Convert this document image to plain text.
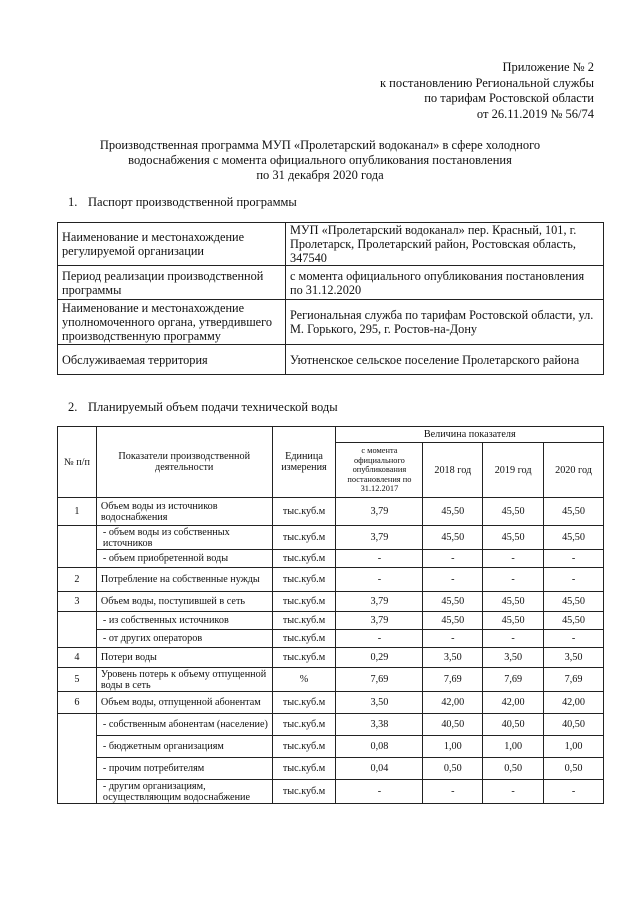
Приложение № 2
к постановлению Региональной службы
по тарифам Ростовской области
от 26.11.2019 № 56/74
Производственная программа МУП «Пролетарский водоканал» в сфере холодного
водоснабжения с момента официального опубликования постановления
по 31 декабря 2020 года
1. Паспорт производственной программы
Наименование и местонахождение регулируемой организации	МУП «Пролетарский водоканал» пер. Красный, 101, г. Пролетарск, Пролетарский район, Ростовская область, 347540
Период реализации производственной программы	с момента официального опубликования постановления по 31.12.2020
Наименование и местонахождение уполномоченного органа, утвердившего производственную программу	Региональная служба по тарифам Ростовской области, ул. М. Горького, 295, г. Ростов-на-Дону
Обслуживаемая территория	Уютненское сельское поселение Пролетарского района
2. Планируемый объем подачи технической воды
№ п/п	Показатели производственной деятельности	Единица измерения	Величина показателя			
			с момента официального опубликования постановления по 31.12.2017	2018 год	2019 год	2020 год
1	Объем воды из источников водоснабжения	тыс.куб.м	3,79	45,50	45,50	45,50
	- объем воды из собственных источников	тыс.куб.м	3,79	45,50	45,50	45,50
	- объем приобретенной воды	тыс.куб.м	-	-	-	-
2	Потребление на собственные нужды	тыс.куб.м	-	-	-	-
3	Объем воды, поступившей в сеть	тыс.куб.м	3,79	45,50	45,50	45,50
	- из собственных источников	тыс.куб.м	3,79	45,50	45,50	45,50
	- от других операторов	тыс.куб.м	-	-	-	-
4	Потери воды	тыс.куб.м	0,29	3,50	3,50	3,50
5	Уровень потерь к объему отпущенной воды в сеть	%	7,69	7,69	7,69	7,69
6	Объем воды, отпущенной абонентам	тыс.куб.м	3,50	42,00	42,00	42,00
	- собственным абонентам (население)	тыс.куб.м	3,38	40,50	40,50	40,50
	- бюджетным организациям	тыс.куб.м	0,08	1,00	1,00	1,00
	- прочим потребителям	тыс.куб.м	0,04	0,50	0,50	0,50
	- другим организациям, осуществляющим водоснабжение	тыс.куб.м	-	-	-	-
